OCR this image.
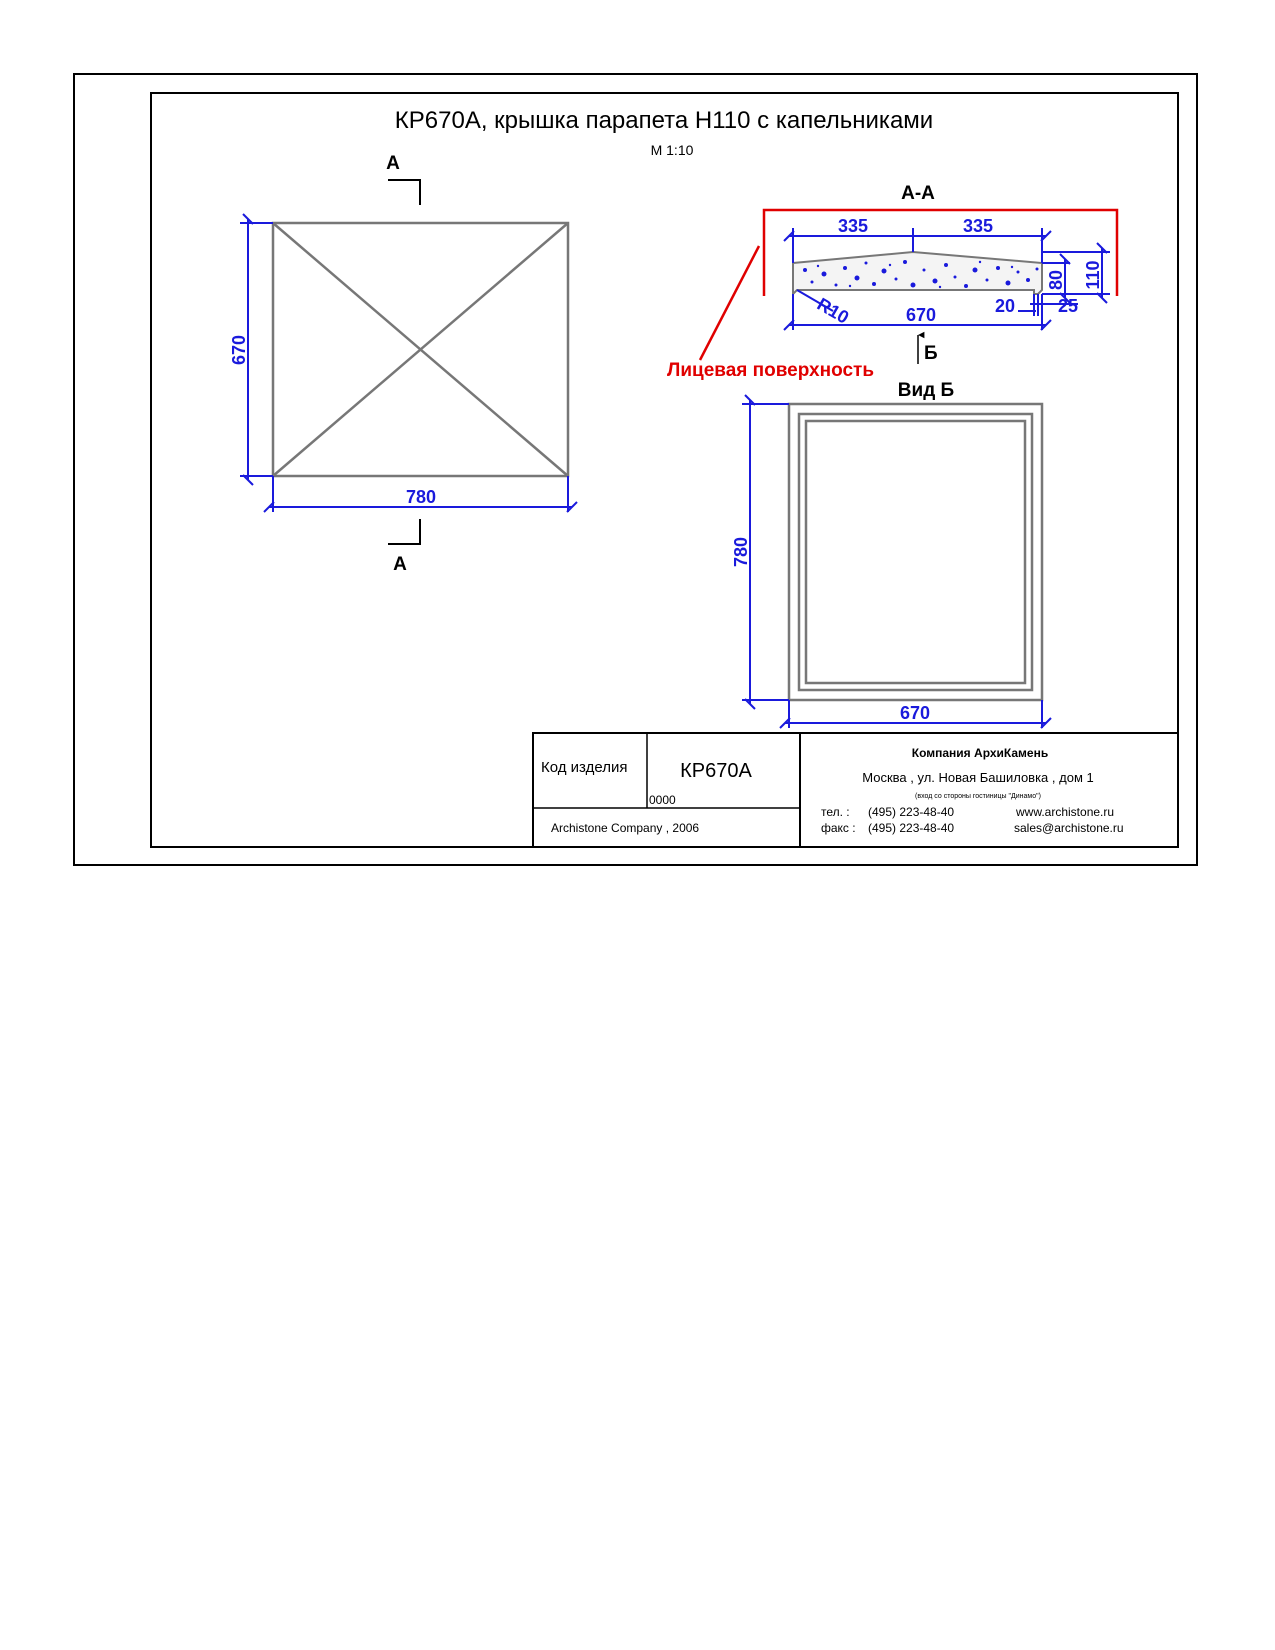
КР670А, крышка парапета Н110 с капельниками
М 1:10
А
А
670
780
А-А
Лицевая поверхность
335	335
670
R10	20 25
80 110
Б
Вид Б
780
670
Код изделия	КР670А
0000
Archistone Company , 2006
Компания АрхиКамень
Москва , ул. Новая Башиловка , дом 1
(вход со стороны гостиницы "Динамо")
тел. : (495) 223-48-40
факс : (495) 223-48-40
www.archistone.ru
sales@archistone.ru
